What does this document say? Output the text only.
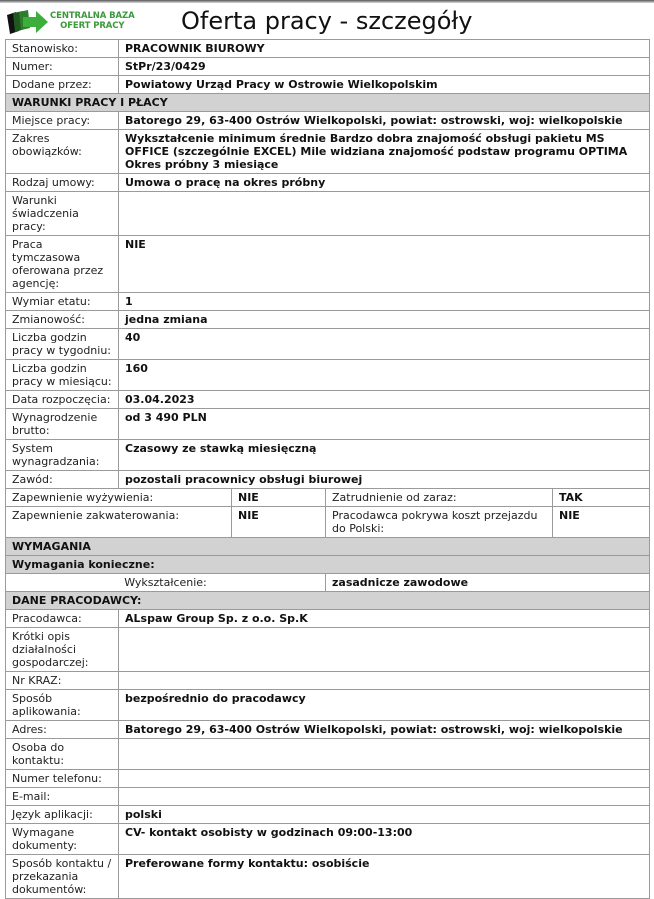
CENTRALNA BAZA
OFERT PRACY	Oferta pracy - szczegóły
Stanowisko:	PRACOWNIK BIUROWY			
Numer:	StPr/23/0429			
Dodane przez:	Powiatowy Urząd Pracy w Ostrowie Wielkopolskim			
WARUNKI PRACY I PŁACY				
Miejsce pracy:	Batorego 29, 63-400 Ostrów Wielkopolski, powiat: ostrowski, woj: wielkopolskie			
Zakres obowiązków:	Wykształcenie minimum średnie Bardzo dobra znajomość obsługi pakietu MS OFFICE (szczególnie EXCEL) Mile widziana znajomość podstaw programu OPTIMA Okres próbny 3 miesiące			
Rodzaj umowy:	Umowa o pracę na okres próbny			
Warunki świadczenia pracy:				
Praca tymczasowa oferowana przez agencję:	NIE			
Wymiar etatu:	1			
Zmianowość:	jedna zmiana			
Liczba godzin pracy w tygodniu:	40			
Liczba godzin pracy w miesiącu:	160			
Data rozpoczęcia:	03.04.2023			
Wynagrodzenie brutto:	od 3 490 PLN			
System wynagradzania:	Czasowy ze stawką miesięczną			
Zawód:	pozostali pracownicy obsługi biurowej			
Zapewnienie wyżywienia:		NIE	Zatrudnienie od zaraz:	TAK
Zapewnienie zakwaterowania:		NIE	Pracodawca pokrywa koszt przejazdu do Polski:	NIE
WYMAGANIA				
Wymagania konieczne:				
Wykształcenie:			zasadnicze zawodowe	
DANE PRACODAWCY:				
Pracodawca:	ALspaw Group Sp. z o.o. Sp.K			
Krótki opis działalności gospodarczej:				
Nr KRAZ:				
Sposób aplikowania:	bezpośrednio do pracodawcy			
Adres:	Batorego 29, 63-400 Ostrów Wielkopolski, powiat: ostrowski, woj: wielkopolskie			
Osoba do kontaktu:				
Numer telefonu:				
E-mail:				
Język aplikacji:	polski			
Wymagane dokumenty:	CV- kontakt osobisty w godzinach 09:00-13:00			
Sposób kontaktu / przekazania dokumentów:	Preferowane formy kontaktu: osobiście			
